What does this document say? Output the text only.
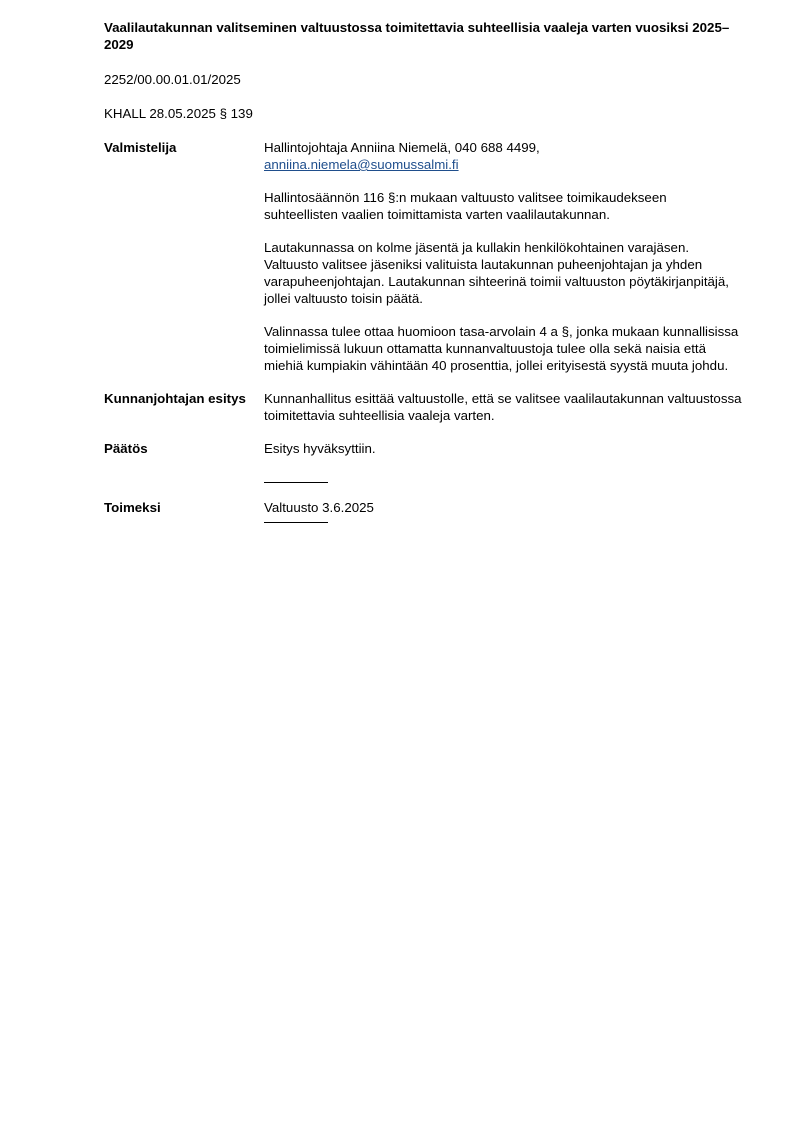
Vaalilautakunnan valitseminen valtuustossa toimitettavia suhteellisia vaaleja varten vuosiksi 2025–2029
2252/00.00.01.01/2025
KHALL 28.05.2025 § 139
Valmistelija	Hallintojohtaja Anniina Niemelä, 040 688 4499,
anniina.niemela@suomussalmi.fi
Hallintosäännön 116 §:n mukaan valtuusto valitsee toimikaudekseen suhteellisten vaalien toimittamista varten vaalilautakunnan.
Lautakunnassa on kolme jäsentä ja kullakin henkilökohtainen varajäsen. Valtuusto valitsee jäseniksi valituista lautakunnan puheenjohtajan ja yhden varapuheenjohtajan. Lautakunnan sihteerinä toimii valtuuston pöytäkirjanpitäjä, jollei valtuusto toisin päätä.
Valinnassa tulee ottaa huomioon tasa-arvolain 4 a §, jonka mukaan kunnallisissa toimielimissä lukuun ottamatta kunnanvaltuustoja tulee olla sekä naisia että miehiä kumpiakin vähintään 40 prosenttia, jollei erityisestä syystä muuta johdu.
Kunnanjohtajan esitys	Kunnanhallitus esittää valtuustolle, että se valitsee vaalilautakunnan valtuustossa toimitettavia suhteellisia vaaleja varten.
Päätös	Esitys hyväksyttiin.
Toimeksi	Valtuusto 3.6.2025
